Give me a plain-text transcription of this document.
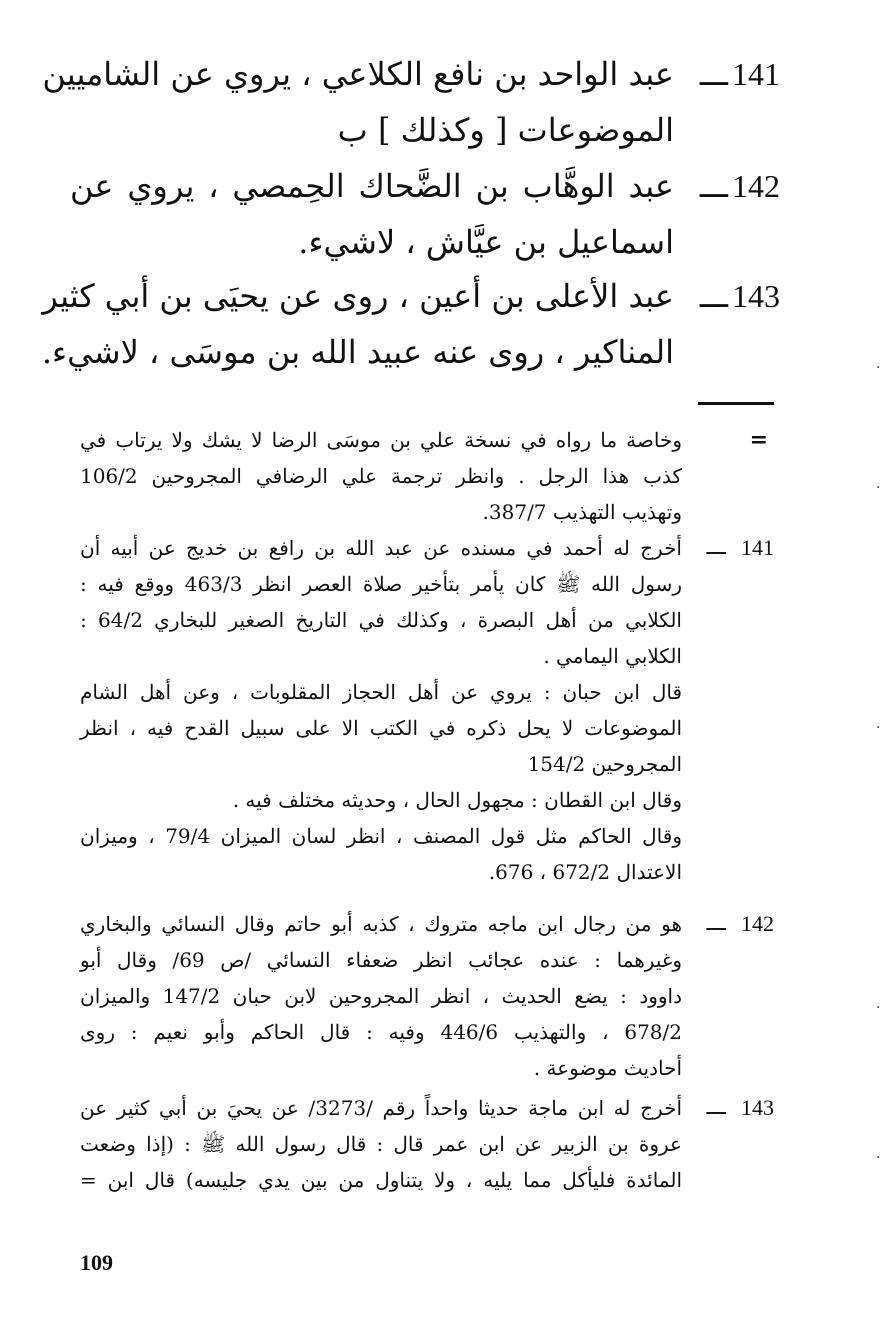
141
ـــ
عبد الواحد بن نافع الكلاعي ، يروي عن الشاميين
الموضوعات [ وكذلك ] ب
142
ـــ
عبد الوهَّاب بن الضَّحاك الحِمصي ، يروي عن
اسماعيل بن عيَّاش ، لاشيء.
143
ـــ
عبد الأعلى بن أعين ، روى عن يحيَى بن أبي كثير
المناكير ، روى عنه عبيد الله بن موسَى ، لاشيء.
=
وخاصة ما رواه في نسخة علي بن موسَى الرضا لا يشك ولا يرتاب في
كذب هذا الرجل . وانظر ترجمة علي الرضافي المجروحين 106/2
وتهذيب التهذيب 387/7.
141
ـــ
أخرج له أحمد في مسنده عن عبد الله بن رافع بن خديج عن أبيه أن
رسول الله ﷺ كان يأمر بتأخير صلاة العصر انظر 463/3 ووقع فيه :
الكلابي من أهل البصرة ، وكذلك في التاريخ الصغير للبخاري 64/2 :
الكلابي اليمامي .
قال ابن حبان : يروي عن أهل الحجاز المقلوبات ، وعن أهل الشام
الموضوعات لا يحل ذكره في الكتب الا على سبيل القدح فيه ، انظر
المجروحين 154/2
وقال ابن القطان : مجهول الحال ، وحديثه مختلف فيه .
وقال الحاكم مثل قول المصنف ، انظر لسان الميزان 79/4 ، وميزان
الاعتدال 672/2 ، 676.
142
ـــ
هو من رجال ابن ماجه متروك ، كذبه أبو حاتم وقال النسائي والبخاري
وغيرهما : عنده عجائب انظر ضعفاء النسائي /ص 69/ وقال أبو
داوود : يضع الحديث ، انظر المجروحين لابن حبان 147/2 والميزان
678/2 ، والتهذيب 446/6 وفيه : قال الحاكم وأبو نعيم : روى
أحاديث موضوعة .
143
ـــ
أخرج له ابن ماجة حديثا واحداً رقم /3273/ عن يحيَ بن أبي كثير عن
عروة بن الزبير عن ابن عمر قال : قال رسول الله ﷺ : (إذا وضعت
المائدة فليأكل مما يليه ، ولا يتناول من بين يدي جليسه) قال ابن =
109
·
·
·
·
·
